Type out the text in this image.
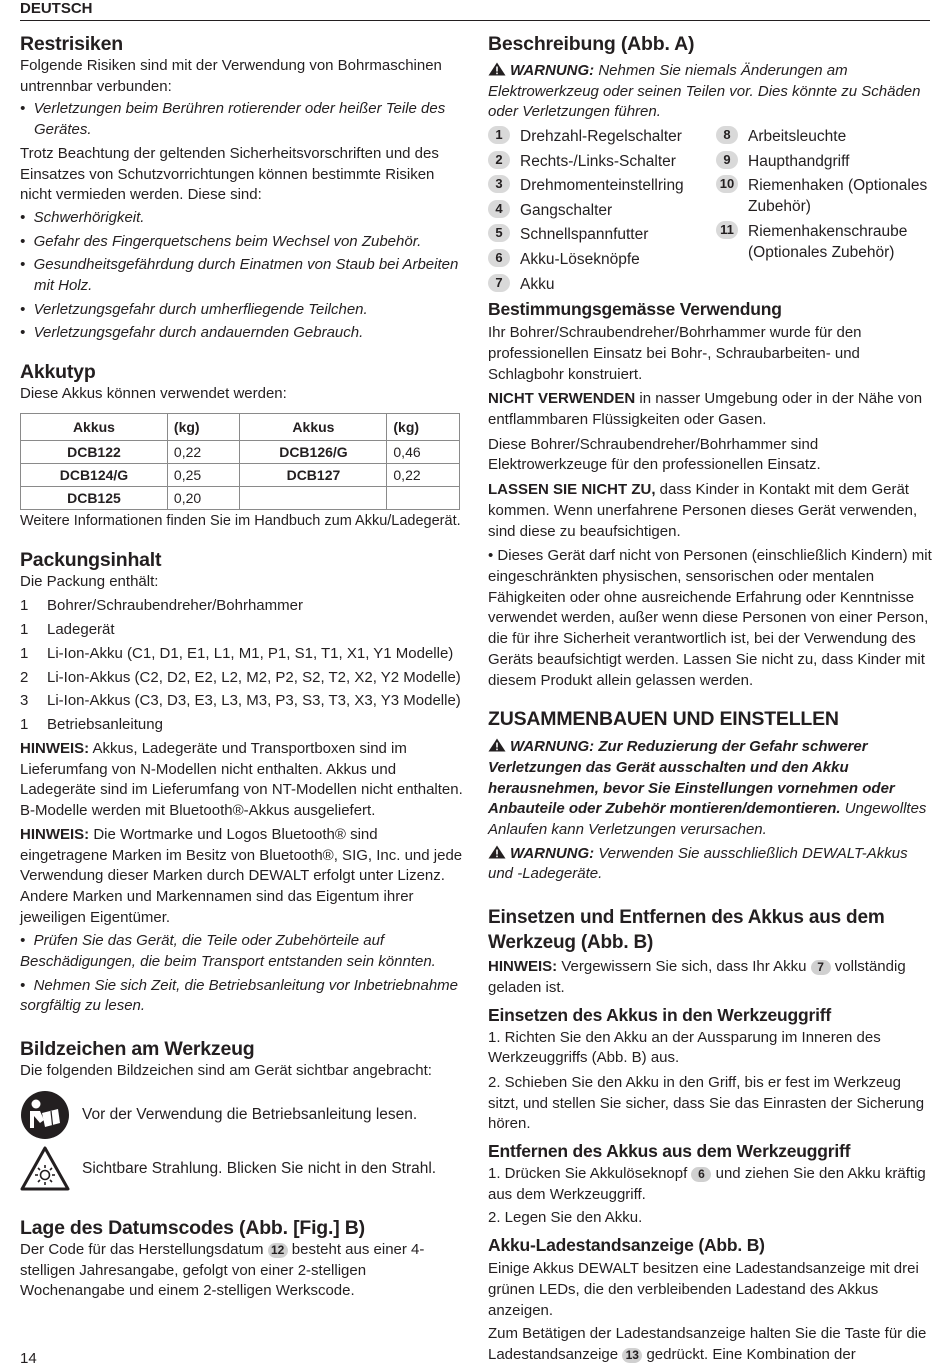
DEUTSCH
Restrisiken

Folgende Risiken sind mit der Verwendung von Bohrmaschinen untrennbar verbunden:

•  Verletzungen beim Berühren rotierender oder heißer Teile des Gerätes.

Trotz Beachtung der geltenden Sicherheitsvorschriften und des Einsatzes von Schutzvorrichtungen können bestimmte Risiken nicht vermieden werden. Diese sind:

•  Schwerhörigkeit.

•  Gefahr des Fingerquetschens beim Wechsel von Zubehör.

•  Gesundheitsgefährdung durch Einatmen von Staub bei Arbeiten mit Holz.

•  Verletzungsgefahr durch umherfliegende Teilchen.

•  Verletzungsgefahr durch andauernden Gebrauch.

Akkutyp

Diese Akkus können verwendet werden:

Akkus	(kg)	Akkus	(kg)
DCB122	0,22	DCB126/G	0,46
DCB124/G	0,25	DCB127	0,22
DCB125	0,20		

Weitere Informationen finden Sie im Handbuch zum Akku/Ladegerät.

Packungsinhalt

Die Packung enthält:

1	Bohrer/Schraubendreher/Bohrhammer
1	Ladegerät
1	Li-Ion-Akku (C1, D1, E1, L1, M1, P1, S1, T1, X1, Y1 Modelle)
2	Li-Ion-Akkus (C2, D2, E2, L2, M2, P2, S2, T2, X2, Y2 Modelle)
3	Li-Ion-Akkus (C3, D3, E3, L3, M3, P3, S3, T3, X3, Y3 Modelle)
1	Betriebsanleitung

HINWEIS: Akkus, Ladegeräte und Transportboxen sind im Lieferumfang von N-Modellen nicht enthalten. Akkus und Ladegeräte sind im Lieferumfang von NT-Modellen nicht enthalten. B-Modelle werden mit Bluetooth®-Akkus ausgeliefert.

HINWEIS: Die Wortmarke und Logos Bluetooth® sind eingetragene Marken im Besitz von Bluetooth®, SIG, Inc. und jede Verwendung dieser Marken durch DEWALT erfolgt unter Lizenz. Andere Marken und Markennamen sind das Eigentum ihrer jeweiligen Eigentümer.

•  Prüfen Sie das Gerät, die Teile oder Zubehörteile auf Beschädigungen, die beim Transport entstanden sein könnten.

•  Nehmen Sie sich Zeit, die Betriebsanleitung vor Inbetriebnahme sorgfältig zu lesen.

Bildzeichen am Werkzeug

Die folgenden Bildzeichen sind am Gerät sichtbar angebracht:

Vor der Verwendung die Betriebsanleitung lesen.
Sichtbare Strahlung. Blicken Sie nicht in den Strahl.
Lage des Datumscodes (Abb. [Fig.] B)

Der Code für das Herstellungsdatum 12 besteht aus einer 4-stelligen Jahresangabe, gefolgt von einer 2-stelligen Wochenangabe und einem 2-stelligen Werkscode.

Beschreibung (Abb. A)

WARNUNG: Nehmen Sie niemals Änderungen am Elektrowerkzeug oder seinen Teilen vor. Dies könnte zu Schäden oder Verletzungen führen.

1	Drehzahl-Regelschalter
2	Rechts-/Links-Schalter
3	Drehmomenteinstellring
4	Gangschalter
5	Schnellspannfutter
6	Akku-Löseknöpfe
7	Akku
8	Arbeitsleuchte
9	Haupthandgriff
10 Riemenhaken (Optionales Zubehör)
11 Riemenhakenschraube (Optionales Zubehör)
Bestimmungsgemässe Verwendung

Ihr Bohrer/Schraubendreher/Bohrhammer wurde für den professionellen Einsatz bei Bohr-, Schraubarbeiten- und Schlagbohr konstruiert.

NICHT VERWENDEN in nasser Umgebung oder in der Nähe von entflammbaren Flüssigkeiten oder Gasen.

Diese Bohrer/Schraubendreher/Bohrhammer sind Elektrowerkzeuge für den professionellen Einsatz.

LASSEN SIE NICHT ZU, dass Kinder in Kontakt mit dem Gerät kommen. Wenn unerfahrene Personen dieses Gerät verwenden, sind diese zu beaufsichtigen.

• Dieses Gerät darf nicht von Personen (einschließlich Kindern) mit eingeschränkten physischen, sensorischen oder mentalen Fähigkeiten oder ohne ausreichende Erfahrung oder Kenntnisse verwendet werden, außer wenn diese Personen von einer Person, die für ihre Sicherheit verantwortlich ist, bei der Verwendung des Geräts beaufsichtigt werden. Lassen Sie nicht zu, dass Kinder mit diesem Produkt allein gelassen werden.

ZUSAMMENBAUEN UND EINSTELLEN

WARNUNG: Zur Reduzierung der Gefahr schwerer Verletzungen das Gerät ausschalten und den Akku herausnehmen, bevor Sie Einstellungen vornehmen oder Anbauteile oder Zubehör montieren/demontieren. Ungewolltes Anlaufen kann Verletzungen verursachen.

WARNUNG: Verwenden Sie ausschließlich DEWALT-Akkus und -Ladegeräte.

Einsetzen und Entfernen des Akkus aus dem Werkzeug (Abb. B)

HINWEIS: Vergewissern Sie sich, dass Ihr Akku 7 vollständig geladen ist.

Einsetzen des Akkus in den Werkzeuggriff

1. Richten Sie den Akku an der Aussparung im Inneren des Werkzeuggriffs (Abb. B) aus.

2. Schieben Sie den Akku in den Griff, bis er fest im Werkzeug sitzt, und stellen Sie sicher, dass Sie das Einrasten der Sicherung hören.

Entfernen des Akkus aus dem Werkzeuggriff

1. Drücken Sie Akkulöseknopf 6 und ziehen Sie den Akku kräftig aus dem Werkzeuggriff.

2. Legen Sie den Akku.

Akku-Ladestandsanzeige (Abb. B)

Einige Akkus DEWALT besitzen eine Ladestandsanzeige mit drei grünen LEDs, die den verbleibenden Ladestand des Akkus anzeigen.

Zum Betätigen der Ladestandsanzeige halten Sie die Taste für die Ladestandsanzeige 13 gedrückt. Eine Kombination der

14
